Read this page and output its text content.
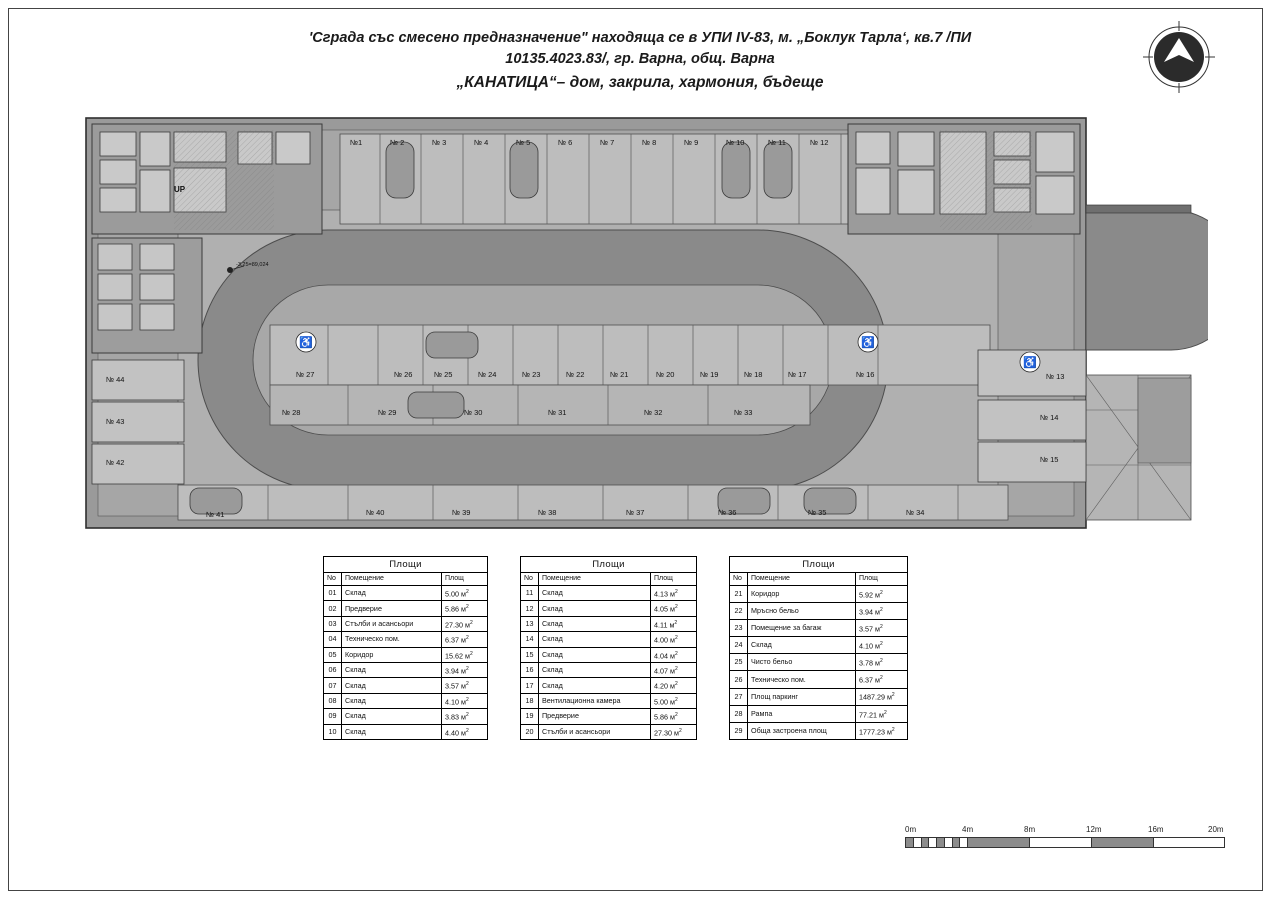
'Сграда със смесено предназначение" находяща се в УПИ IV-83, м. „Боклук Тарла‘, кв.7 /ПИ
10135.4023.83/, гр. Варна, общ. Варна
„КАНАТИЦА“– дом, закрила, хармония, бъдеще
♿	♿
♿
-3,25=89,024
UP
№1	№ 2	№ 3	№ 4	№ 5	№ 6	№ 7	№ 8	№ 9	№ 10	№ 11	№ 12
№ 27	№ 26	№ 25	№ 24	№ 23	№ 22	№ 21	№ 20	№ 19	№ 18	№ 17	№ 16
№ 28	№ 29	№ 30	№ 31	№ 32	№ 33
№ 41	№ 40	№ 39	№ 38	№ 37	№ 36	№ 35	№ 34
№ 44
№ 43
№ 42
№ 13
№ 14
№ 15
Площи
No	Помещение	Площ
01	Склад	5.00 $м^2$
02	Предверие	5.86 $м^2$
03	Стълби и асансьори	27.30 $м^2$
04	Техническо пом.	6.37 $м^2$
05	Коридор	15.62 $м^2$
06	Склад	3.94 $м^2$
07	Склад	3.57 $м^2$
08	Склад	4.10 $м^2$
09	Склад	3.83 $м^2$
10	Склад	4.40 $м^2$
Площи
No	Помещение	Площ
11	Склад	4.13 $м^2$
12	Склад	4.05 $м^2$
13	Склад	4.11 $м^2$
14	Склад	4.00 $м^2$
15	Склад	4.04 $м^2$
16	Склад	4.07 $м^2$
17	Склад	4.20 $м^2$
18	Вентилационна камера	5.00 $м^2$
19	Предверие	5.86 $м^2$
20	Стълби и асансьори	27.30 $м^2$
Площи
No	Помещение	Площ
21	Коридор	5.92 $м^2$
22	Мръсно бельо	3.94 $м^2$
23	Помещение за багаж	3.57 $м^2$
24	Склад	4.10 $м^2$
25	Чисто бельо	3.78 $м^2$
26	Техническо пом.	6.37 $м^2$
27	Площ паркинг	1487.29 $м^2$
28	Рампа	77.21 $м^2$
29	Обща застроена площ	1777.23 $м^2$
0m	4m	8m	12m	16m	20m
